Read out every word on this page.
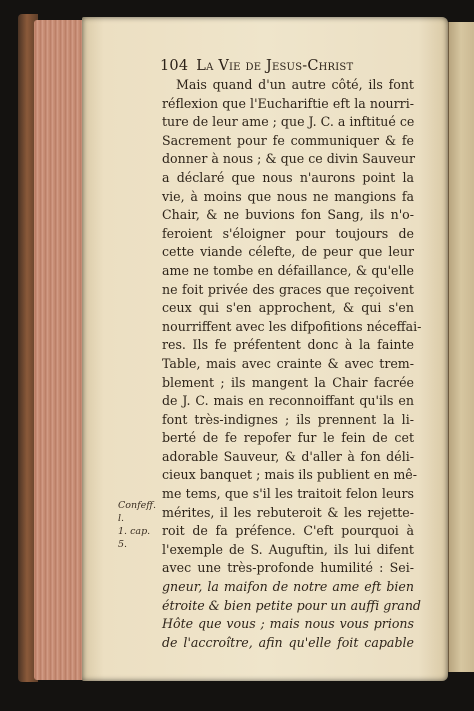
104 La Vie de Jesus-Christ
Mais quand d'un autre côté, ils font
réflexion que l'Euchariftie eft la nourri-
ture de leur ame ; que J. C. a inftitué ce
Sacrement pour fe communiquer & fe
donner à nous ; & que ce divin Sauveur
a déclaré que nous n'aurons point la
vie, à moins que nous ne mangions fa
Chair, & ne buvions fon Sang, ils n'o-
feroient s'éloigner pour toujours de
cette viande célefte, de peur que leur
ame ne tombe en défaillance, & qu'elle
ne foit privée des graces que reçoivent
ceux qui s'en approchent, & qui s'en
nourriffent avec les difpofitions néceffai-
res. Ils fe préfentent donc à la fainte
Table, mais avec crainte & avec trem-
blement ; ils mangent la Chair facrée
de J. C. mais en reconnoiffant qu'ils en
font très-indignes ; ils prennent la li-
berté de fe repofer fur le fein de cet
adorable Sauveur, & d'aller à fon déli-
cieux banquet ; mais ils publient en mê-
me tems, que s'il les traitoit felon leurs
mérites, il les rebuteroit & les rejette-
roit de fa préfence. C'eft pourquoi à
l'exemple de S. Auguftin, ils lui difent
avec une très-profonde humilité : Sei-
gneur, la maifon de notre ame eft bien
étroite & bien petite pour un auffi grand
Hôte que vous ; mais nous vous prions
de l'accroître, afin qu'elle foit capable
Confeff. l.
1. cap. 5.
